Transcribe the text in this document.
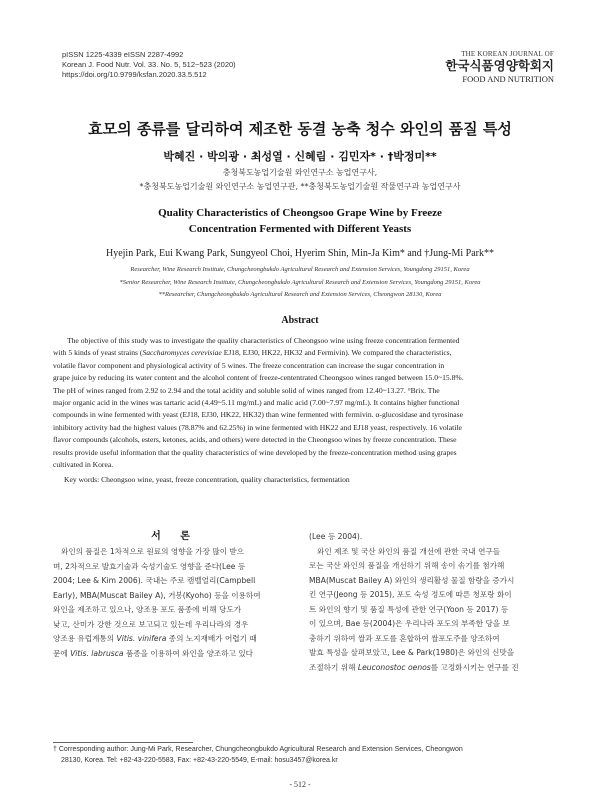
pISSN 1225-4339 eISSN 2287-4992
Korean J. Food Nutr. Vol. 33. No. 5, 512~523 (2020)
https://doi.org/10.9799/ksfan.2020.33.5.512
THE KOREAN JOURNAL OF
한국식품영양학회지
FOOD AND NUTRITION
효모의 종류를 달리하여 제조한 동결 농축 청수 와인의 품질 특성
박혜진 · 박의광 · 최성열 · 신혜림 · 김민자* · †박정미**
충청북도농업기술원 와인연구소 농업연구사,
*충청북도농업기술원 와인연구소 농업연구관, **충청북도농업기술원 작물연구과 농업연구사
Quality Characteristics of Cheongsoo Grape Wine by Freeze
Concentration Fermented with Different Yeasts
Hyejin Park, Eui Kwang Park, Sungyeol Choi, Hyerim Shin, Min-Ja Kim* and †Jung-Mi Park**
Researcher, Wine Research Institute, Chungcheongbukdo Agricultural Research and Extension Services, Youngdong 29151, Korea
*Senior Researcher, Wine Research Institute, Chungcheongbukdo Agricultural Research and Extension Services, Youngdong 29151, Korea
**Researcher, Chungcheongbukdo Agricultural Research and Extension Services, Cheongwon 28130, Korea
Abstract
The objective of this study was to investigate the quality characteristics of Cheongsoo wine using freeze concentration fermented
with 5 kinds of yeast strains (Saccharomyces cerevisiae EJ18, EJ30, HK22, HK32 and Fermivin). We compared the characteristics,
volatile flavor component and physiological activity of 5 wines. The freeze concentration can increase the sugar concentration in
grape juice by reducing its water content and the alcohol content of freeze-cententrated Cheongsoo wines ranged between 15.0~15.8%.
The pH of wines ranged from 2.92 to 2.94 and the total acidity and soluble solid of wines ranged from 12.40~13.27. °Brix. The
major organic acid in the wines was tartaric acid (4.49~5.11 mg/mL) and malic acid (7.00~7.97 mg/mL). It contains higher functional
compounds in wine fermented with yeast (EJ18, EJ30, HK22, HK32) than wine fermented with fermivin. α-glucosidase and tyrosinase
inhibitory activity had the highest values (78.87% and 62.25%) in wine fermented with HK22 and EJ18 yeast, respectively. 16 volatile
flavor compounds (alcohols, esters, ketones, acids, and others) were detected in the Cheongsoo wines by freeze concentration. These
results provide useful information that the quality characteristics of wine developed by the freeze-concentration method using grapes
cultivated in Korea.
Key words: Cheongsoo wine, yeast, freeze concentration, quality characteristics, fermentation
서 론
와인의 품질은 1차적으로 원료의 영향을 가장 많이 받으
며, 2차적으로 발효기술과 숙성기술도 영향을 준다(Lee 등
2004; Lee & Kim 2006). 국내는 주로 캠벨얼리(Campbell
Early), MBA(Muscat Bailey A), 거봉(Kyoho) 등을 이용하여
와인을 제조하고 있으나, 양조용 포도 품종에 비해 당도가
낮고, 산미가 강한 것으로 보고되고 있는데 우리나라의 경우
양조용 유럽계통의 Vitis. vinifera 종의 노지재배가 어렵기 때
문에 Vitis. labrusca 품종을 이용하여 와인을 양조하고 있다
(Lee 등 2004).
와인 제조 및 국산 와인의 품질 개선에 관한 국내 연구들
로는 국산 와인의 품질을 개선하기 위해 송이 솎기를 첨가해
MBA(Muscat Bailey A) 와인의 생리활성 물질 함량을 증가시
킨 연구(Jeong 등 2015), 포도 숙성 정도에 따른 청포랑 화이
트 와인의 향기 및 품질 특성에 관한 연구(Yoon 등 2017) 등
이 있으며, Bae 등(2004)은 우리나라 포도의 부족한 당을 보
충하기 위하여 쌀과 포도를 혼합하여 쌀포도주를 양조하여
발효 특성을 살펴보았고, Lee & Park(1980)은 와인의 신맛을
조절하기 위해 Leuconostoc oenos를 고정화시키는 연구를 진
† Corresponding author: Jung-Mi Park, Researcher, Chungcheongbukdo Agricultural Research and Extension Services, Cheongwon
28130, Korea. Tel: +82-43-220-5583, Fax: +82-43-220-5549, E-mail: hosu3457@korea.kr
- 512 -
